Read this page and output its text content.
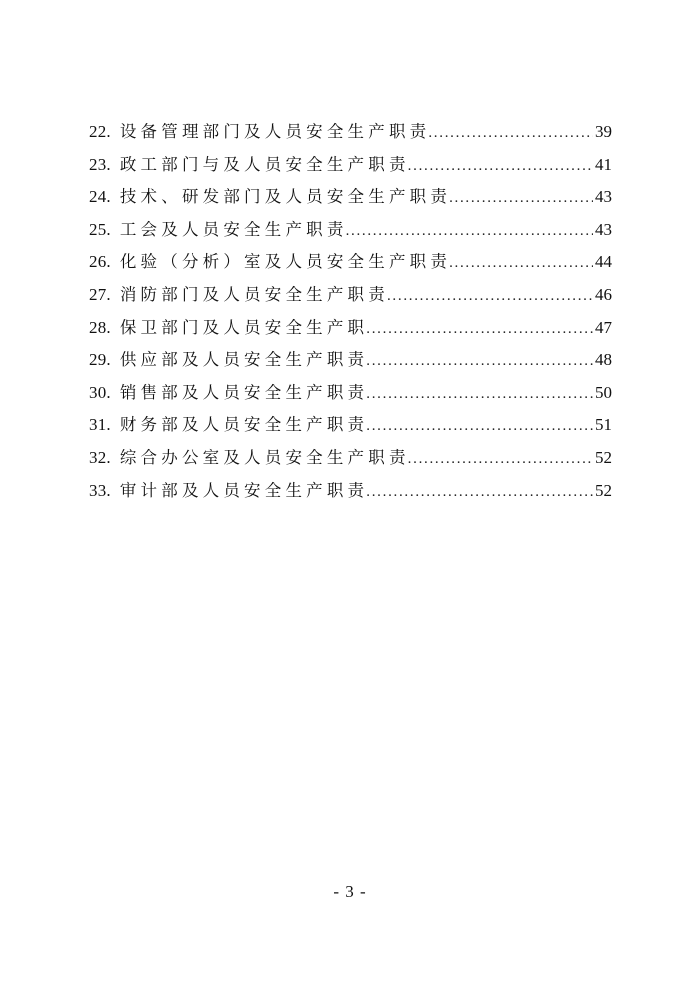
22. 设备管理部门及人员安全生产职责 .....	39
23. 政工部门与及人员安全生产职责 .....	41
24. 技术、研发部门及人员安全生产职责 .....	43
25. 工会及人员安全生产职责 .....	43
26. 化验（分析）室及人员安全生产职责 .....	44
27. 消防部门及人员安全生产职责 .....	46
28. 保卫部门及人员安全生产职 .....	47
29. 供应部及人员安全生产职责 .....	48
30. 销售部及人员安全生产职责 .....	50
31. 财务部及人员安全生产职责 .....	51
32. 综合办公室及人员安全生产职责 .....	52
33. 审计部及人员安全生产职责 .....	52
- 3 -
